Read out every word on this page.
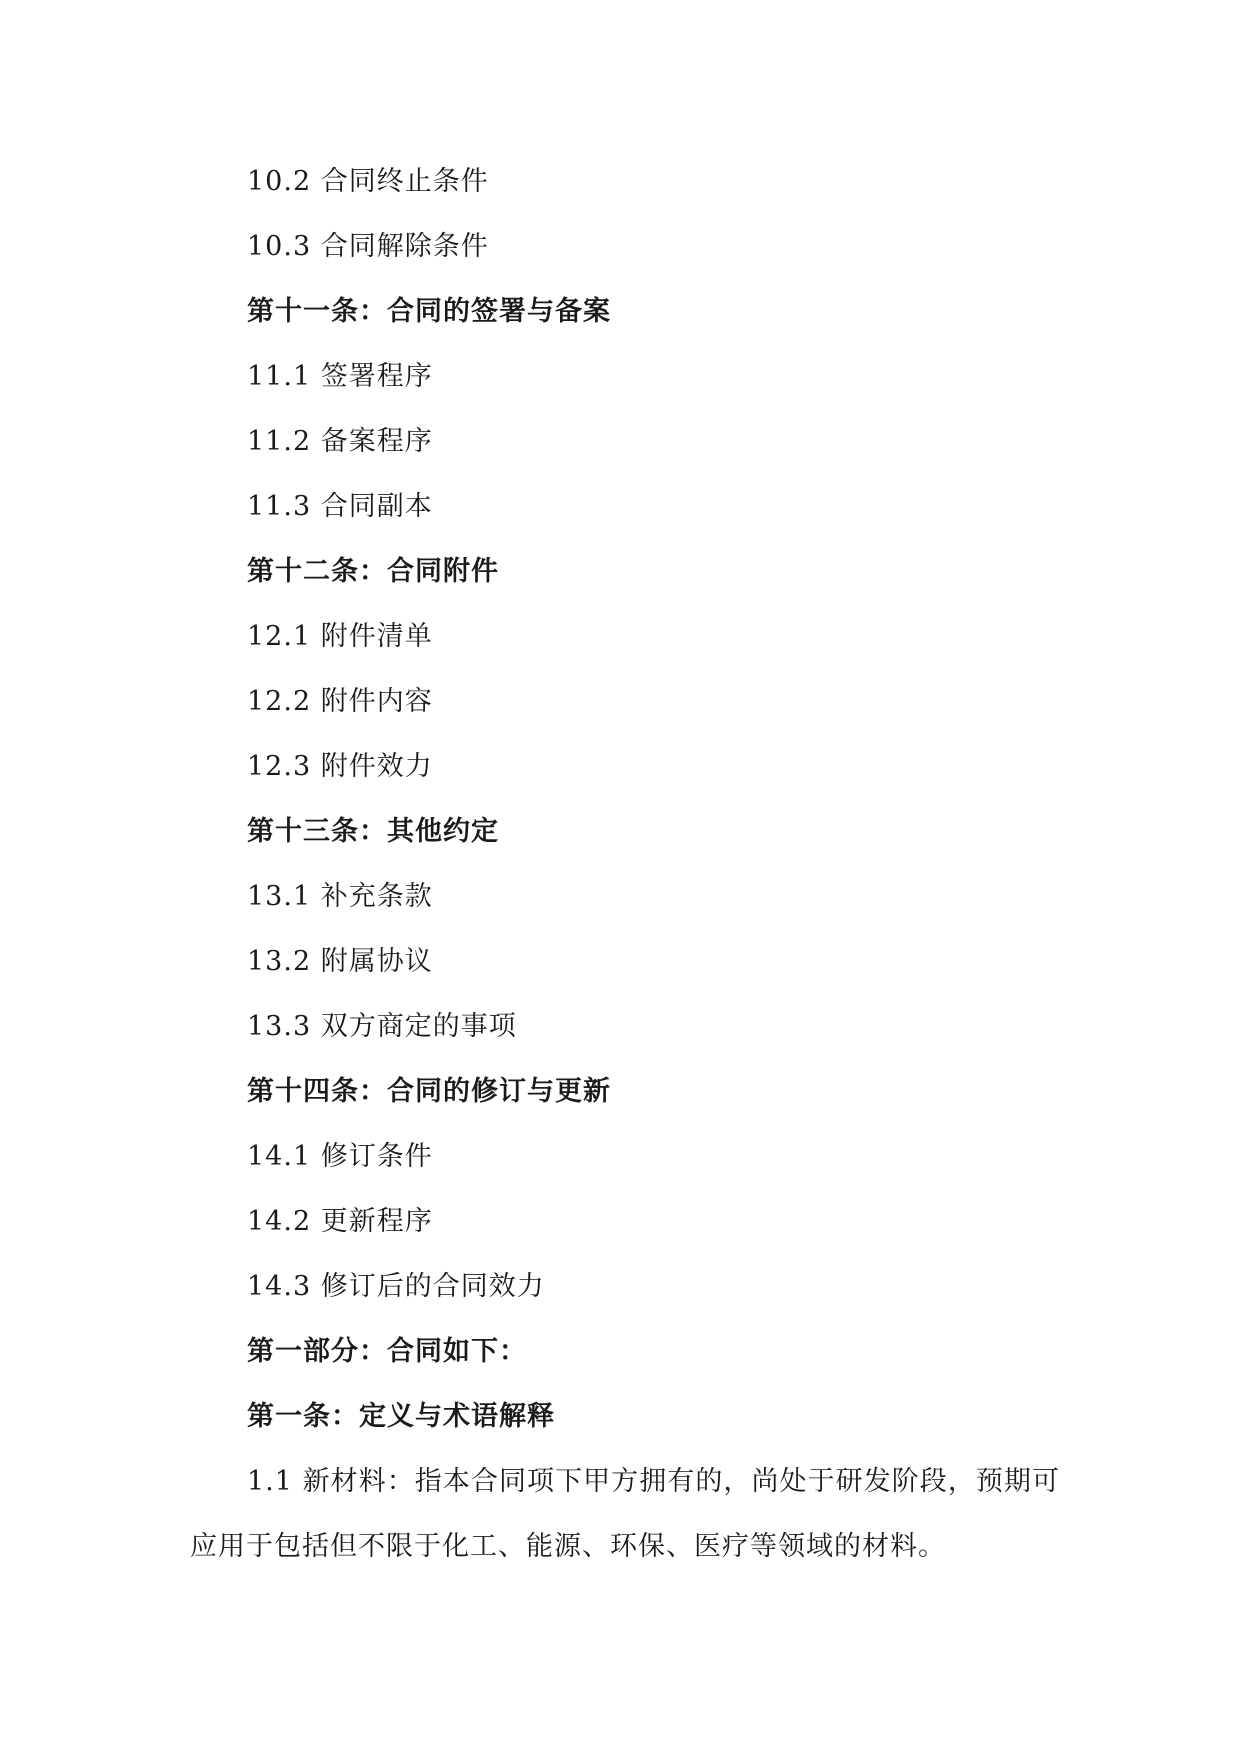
10.2 合同终止条件
10.3 合同解除条件
第十一条：合同的签署与备案
11.1 签署程序
11.2 备案程序
11.3 合同副本
第十二条：合同附件
12.1 附件清单
12.2 附件内容
12.3 附件效力
第十三条：其他约定
13.1 补充条款
13.2 附属协议
13.3 双方商定的事项
第十四条：合同的修订与更新
14.1 修订条件
14.2 更新程序
14.3 修订后的合同效力
第一部分：合同如下：
第一条：定义与术语解释
1.1 新材料：指本合同项下甲方拥有的，尚处于研发阶段，预期可应用于包括但不限于化工、能源、环保、医疗等领域的材料。
